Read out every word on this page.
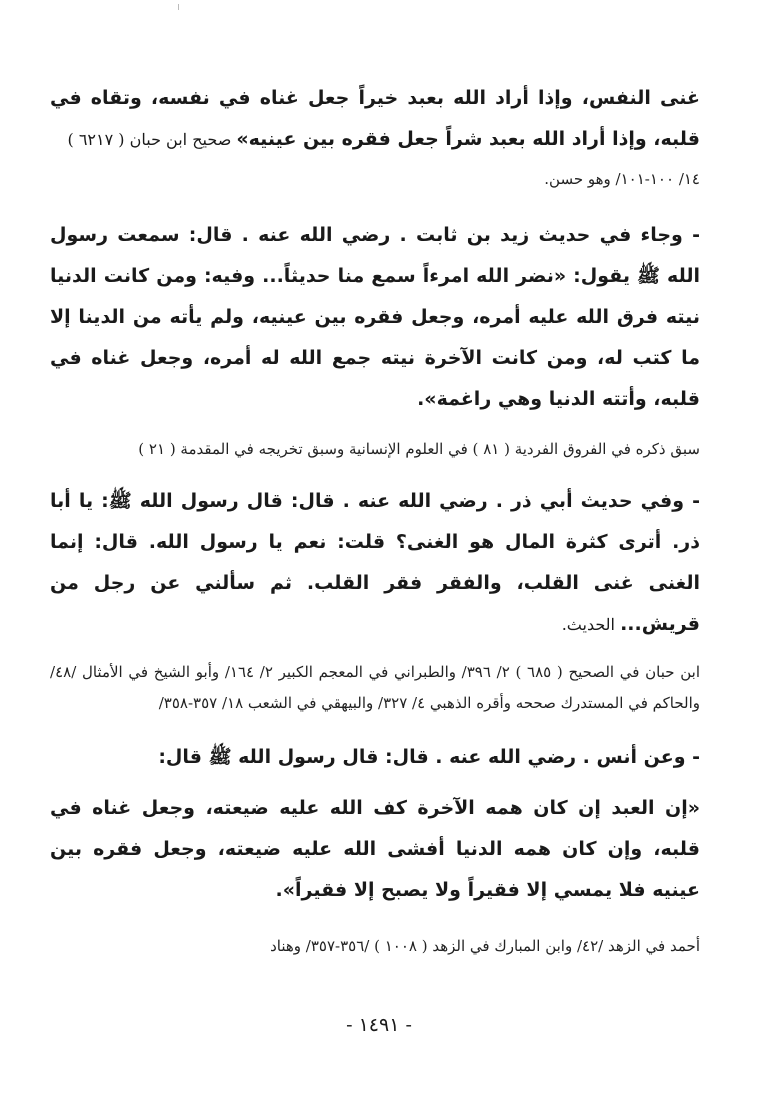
غنى النفس، وإذا أراد الله بعبد خيراً جعل غناه في نفسه، وتقاه في قلبه، وإذا أراد الله بعبد شراً جعل فقره بين عينيه» صحيح ابن حبان ( ٦٢١٧ )

١٤/ ١٠٠-١٠١/ وهو حسن.

- وجاء في حديث زيد بن ثابت . رضي الله عنه . قال: سمعت رسول الله ﷺ يقول: «نضر الله امرءاً سمع منا حديثاً... وفيه: ومن كانت الدنيا نيته فرق الله عليه أمره، وجعل فقره بين عينيه، ولم يأته من الدينا إلا ما كتب له، ومن كانت الآخرة نيته جمع الله له أمره، وجعل غناه في قلبه، وأتته الدنيا وهي راغمة».

سبق ذكره في الفروق الفردية ( ٨١ ) في العلوم الإنسانية وسبق تخريجه في المقدمة ( ٢١ )

- وفي حديث أبي ذر . رضي الله عنه . قال: قال رسول الله ﷺ: يا أبا ذر. أترى كثرة المال هو الغنى؟ قلت: نعم يا رسول الله. قال: إنما الغنى غنى القلب، والفقر فقر القلب. ثم سألني عن رجل من قريش... الحديث.

ابن حبان في الصحيح ( ٦٨٥ ) ٢/ ٣٩٦/ والطبراني في المعجم الكبير ٢/ ١٦٤/ وأبو الشيخ في الأمثال /٤٨/ والحاكم في المستدرك صححه وأقره الذهبي ٤/ ٣٢٧/ والبيهقي في الشعب ١٨/ ٣٥٧-٣٥٨/

- وعن أنس . رضي الله عنه . قال: قال رسول الله ﷺ قال:

«إن العبد إن كان همه الآخرة كف الله عليه ضيعته، وجعل غناه في قلبه، وإن كان همه الدنيا أفشى الله عليه ضيعته، وجعل فقره بين عينيه فلا يمسي إلا فقيراً ولا يصبح إلا فقيراً».

أحمد في الزهد /٤٢/ وابن المبارك في الزهد ( ١٠٠٨ ) /٣٥٦-٣٥٧/ وهناد

- ١٤٩١ -
